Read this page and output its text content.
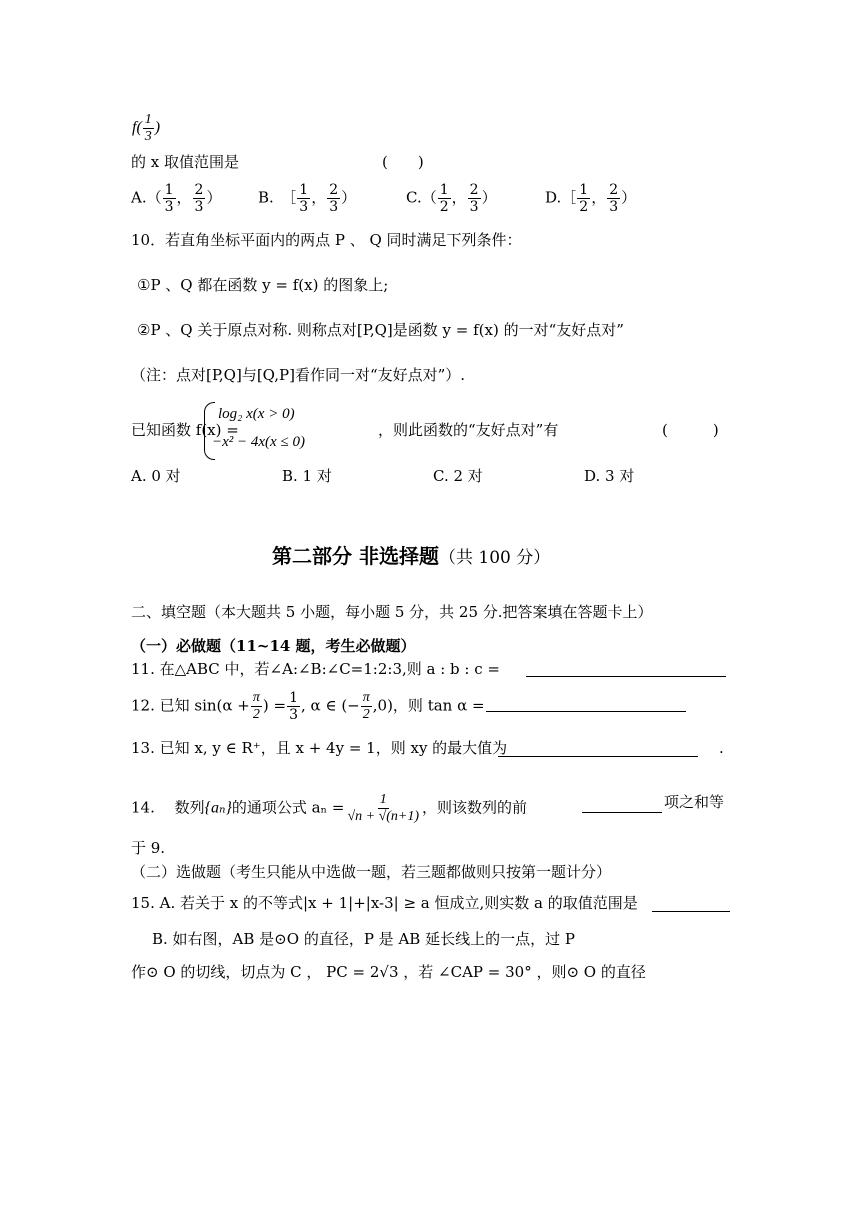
$f( \frac{1}{3}$ )
的 x 取值范围是	(　　)
$A.( \frac{1}{3}$ ， $\frac{2}{3}$ ） B.　［ $\frac{1}{3}$ ， $\frac{2}{3}$ ）	$C.( \frac{1}{2}$ ， $\frac{2}{3}$ ）	D.［ $\frac{1}{2}$ ， $\frac{2}{3}$ ）
10．若直角坐标平面内的两点 P 、 Q 同时满足下列条件：
①P 、Q 都在函数 y = f(x) 的图象上;
②P 、Q 关于原点对称. 则称点对[P,Q]是函数 y = f(x) 的一对“友好点对”
（注：点对[P,Q]与[Q,P]看作同一对“友好点对”）.
已知函数 f(x) =
log₂ x(x > 0)
−x² − 4x(x ≤ 0)
，则此函数的“友好点对”有	(　　　)
A. 0 对	B. 1 对	C. 2 对	D. 3 对
第二部分 非选择题（共 100 分）
二、填空题（本大题共 5 小题，每小题 5 分，共 25 分.把答案填在答题卡上）
（一）必做题（11~14 题，考生必做题）
11. 在△ABC 中，若∠A:∠B:∠C=1:2:3,则 a : b : c =
12. 已知 $\sin(\alpha + \frac{\pi}{2}$ ) = $\frac{1}{3}$ , α ∈ (− $\frac{\pi}{2} ,0$)，则 tan α =
13. 已知 x, y ∈ R⁺，且 x + 4y = 1，则 xy 的最大值为	.
14.　 数列{aₙ}的通项公式 $a_n = \frac{1}{√n + √(n+1)}$ ，则该数列的前	项之和等
于 9.
（二）选做题（考生只能从中选做一题，若三题都做则只按第一题计分）
15. A. 若关于 x 的不等式|x + 1|+|x-3| ≥ a 恒成立,则实数 a 的取值范围是
B. 如右图，AB 是⊙O 的直径，P 是 AB 延长线上的一点，过 P
作⊙ O 的切线，切点为 C ， PC = 2√3 ，若 ∠CAP = 30° ，则⊙ O 的直径
